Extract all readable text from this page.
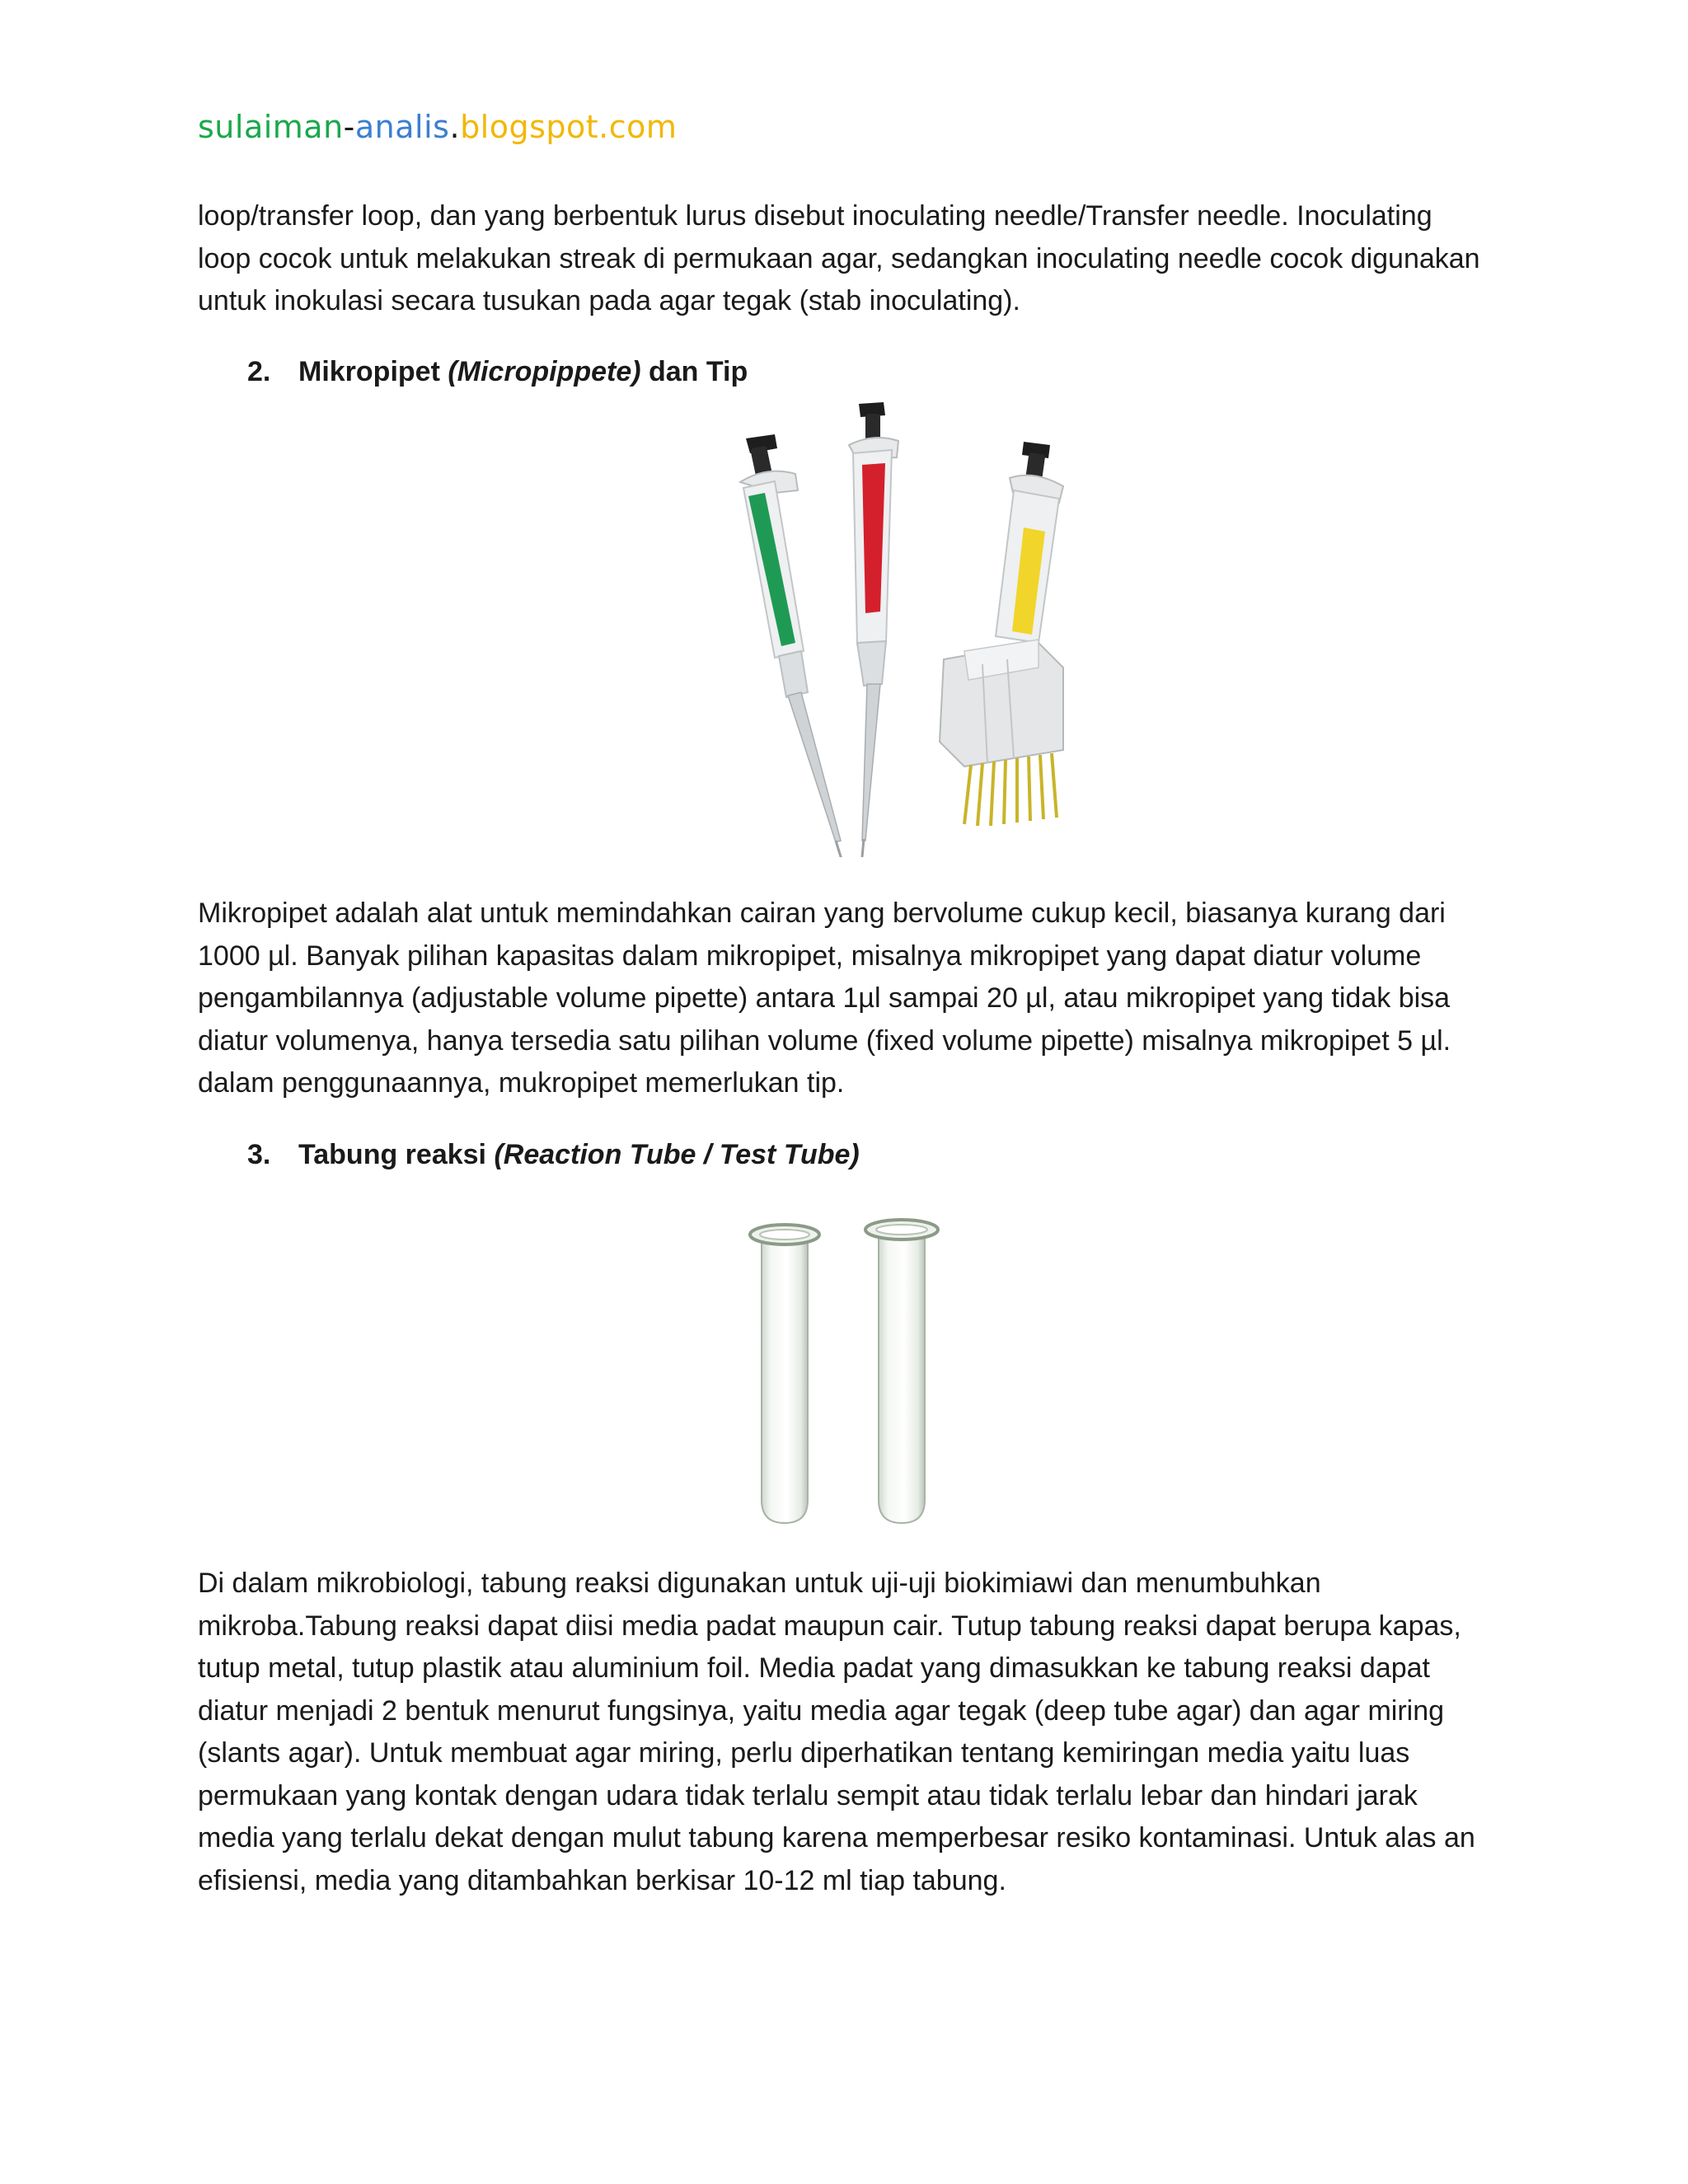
sulaiman-analis.blogspot.com
loop/transfer loop, dan yang berbentuk lurus disebut inoculating needle/Transfer needle. Inoculating
loop cocok untuk melakukan streak di permukaan agar, sedangkan inoculating needle cocok digunakan
untuk inokulasi secara tusukan pada agar tegak (stab inoculating).
2. Mikropipet (Micropippete) dan Tip
Mikropipet adalah alat untuk memindahkan cairan yang bervolume cukup kecil, biasanya kurang dari
1000 µl. Banyak pilihan kapasitas dalam mikropipet, misalnya mikropipet yang dapat diatur volume
pengambilannya (adjustable volume pipette) antara 1µl sampai 20 µl, atau mikropipet yang tidak bisa
diatur volumenya, hanya tersedia satu pilihan volume (fixed volume pipette) misalnya mikropipet 5 µl.
dalam penggunaannya, mukropipet memerlukan tip.
3. Tabung reaksi (Reaction Tube / Test Tube)
Di dalam mikrobiologi, tabung reaksi digunakan untuk uji-uji biokimiawi dan menumbuhkan
mikroba.Tabung reaksi dapat diisi media padat maupun cair. Tutup tabung reaksi dapat berupa kapas,
tutup metal, tutup plastik atau aluminium foil. Media padat yang dimasukkan ke tabung reaksi dapat
diatur menjadi 2 bentuk menurut fungsinya, yaitu media agar tegak (deep tube agar) dan agar miring
(slants agar). Untuk membuat agar miring, perlu diperhatikan tentang kemiringan media yaitu luas
permukaan yang kontak dengan udara tidak terlalu sempit atau tidak terlalu lebar dan hindari jarak
media yang terlalu dekat dengan mulut tabung karena memperbesar resiko kontaminasi. Untuk alas an
efisiensi, media yang ditambahkan berkisar 10-12 ml tiap tabung.
